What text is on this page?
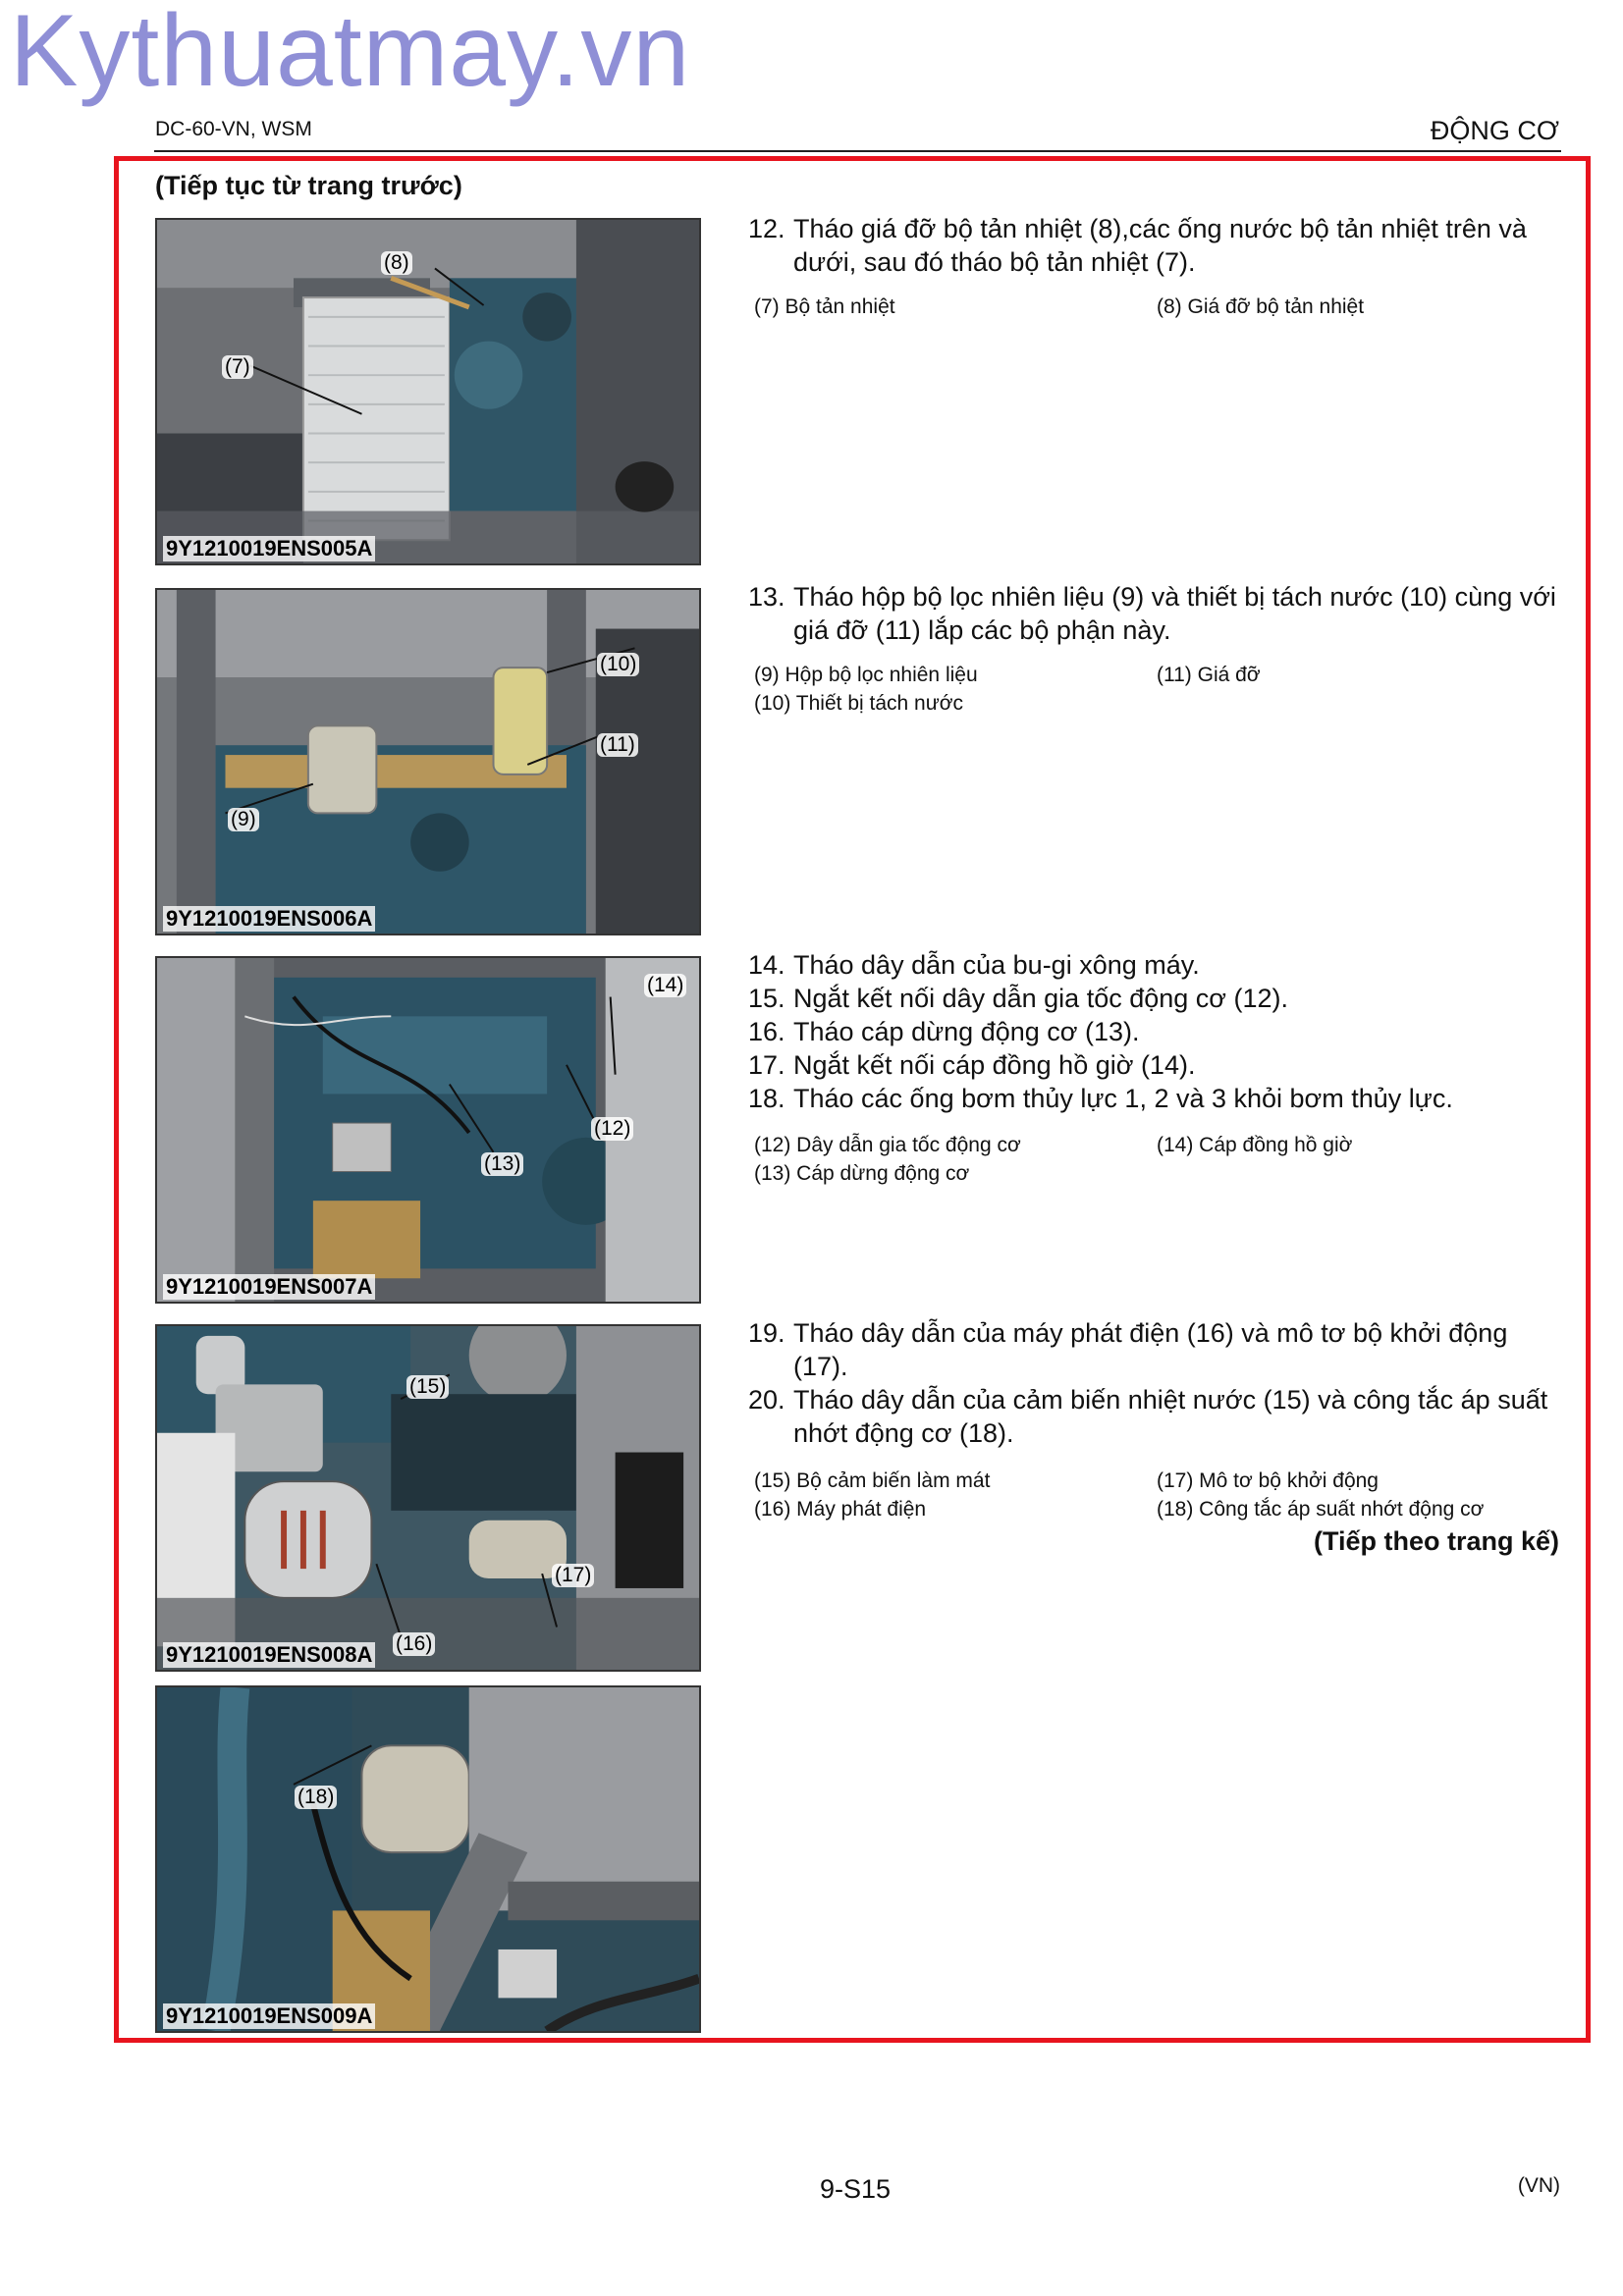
Kythuatmay.vn
DC-60-VN, WSM	ĐỘNG CƠ
(Tiếp tục từ trang trước)
(8)
(7)
9Y1210019ENS005A
(10)
(11)
(9)
9Y1210019ENS006A
(14)
(12)
(13)
9Y1210019ENS007A
(15)
(17)
(16)
9Y1210019ENS008A
(18)
9Y1210019ENS009A

12. Tháo giá đỡ bộ tản nhiệt (8),các ống nước bộ tản nhiệt trên và dưới, sau đó tháo bộ tản nhiệt (7).

(7) Bộ tản nhiệt	(8) Giá đỡ bộ tản nhiệt

13. Tháo hộp bộ lọc nhiên liệu (9) và thiết bị tách nước (10) cùng với giá đỡ (11) lắp các bộ phận này.

(9) Hộp bộ lọc nhiên liệu	(11) Giá đỡ
(10) Thiết bị tách nước

14. Tháo dây dẫn của bu-gi xông máy.

15. Ngắt kết nối dây dẫn gia tốc động cơ (12).

16. Tháo cáp dừng động cơ (13).

17. Ngắt kết nối cáp đồng hồ giờ (14).

18. Tháo các ống bơm thủy lực 1, 2 và 3 khỏi bơm thủy lực.

(12) Dây dẫn gia tốc động cơ	(14) Cáp đồng hồ giờ
(13) Cáp dừng động cơ

19. Tháo dây dẫn của máy phát điện (16) và mô tơ bộ khởi động (17).

20. Tháo dây dẫn của cảm biến nhiệt nước (15) và công tắc áp suất nhớt động cơ (18).

(15) Bộ cảm biến làm mát	(17) Mô tơ bộ khởi động
(16) Máy phát điện	(18) Công tắc áp suất nhớt động cơ
(Tiếp theo trang kế)
9-S15	(VN)
